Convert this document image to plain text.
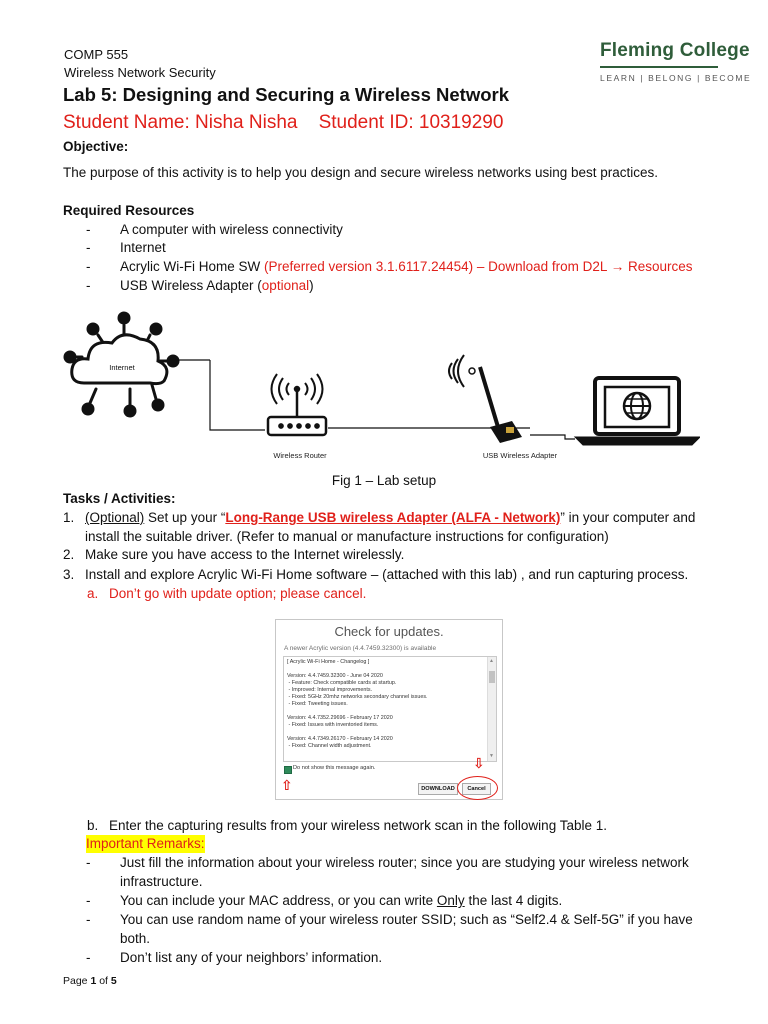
COMP 555
Wireless Network Security
Lab 5: Designing and Securing a Wireless Network
Student Name: Nisha Nisha    Student ID: 10319290
Fleming College
LEARN | BELONG | BECOME
Objective:
The purpose of this activity is to help you design and secure wireless networks using best practices.
Required Resources
- A computer with wireless connectivity
- Internet
- Acrylic Wi-Fi Home SW (Preferred version 3.1.6117.24454) – Download from D2L → Resources
- USB Wireless Adapter (optional)
Internet
Wireless Router	USB Wireless Adapter
Fig 1 – Lab setup
Tasks / Activities:
1. (Optional) Set up your “Long-Range USB wireless Adapter (ALFA - Network)” in your computer and
install the suitable driver. (Refer to manual or manufacture instructions for configuration)
2. Make sure you have access to the Internet wirelessly.
3. Install and explore Acrylic Wi-Fi Home software – (attached with this lab) , and run capturing process.
a. Don’t go with update option; please cancel.
Check for updates.
A newer Acrylic version (4.4.7459.32300) is available
[ Acrylic Wi-Fi Home - Changelog ]
Version: 4.4.7459.32300 - June 04 2020
- Feature: Check compatible cards at startup.
- Improved: Internal improvements.
- Fixed: 5GHz 20mhz networks secondary channel issues.
- Fixed: Tweeting issues.
Version: 4.4.7352.29696 - February 17 2020
- Fixed: Issues with inventoried items.
Version: 4.4.7349.26170 - February 14 2020
- Fixed: Channel width adjustment.
▲
▼
Do not show this message again.
⇧
⇩
DOWNLOAD	Cancel
b. Enter the capturing results from your wireless network scan in the following Table 1.
Important Remarks:
- Just fill the information about your wireless router; since you are studying your wireless network
infrastructure.
- You can include your MAC address, or you can write Only the last 4 digits.
- You can use random name of your wireless router SSID; such as “Self2.4 & Self-5G” if you have
both.
- Don’t list any of your neighbors’ information.
Page 1 of 5
